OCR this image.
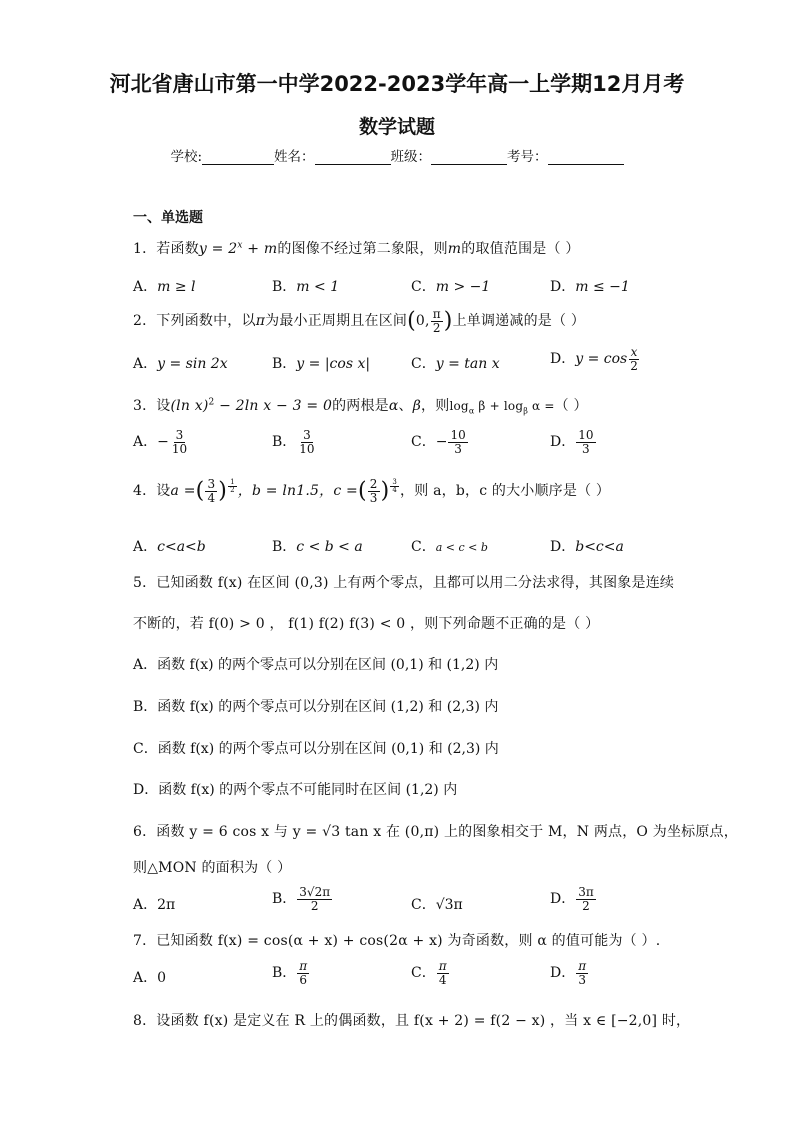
河北省唐山市第一中学2022-2023学年高一上学期12月月考
数学试题
学校:	姓名：	班级：	考号：
一、单选题
1．若函数$y = 2^x + m$的图像不经过第二象限，则m的取值范围是（ ）
A．m ≥ l	B．m < 1	C．m > −1	D．m ≤ −1
2．下列函数中，以π为最小正周期且在区间(0, $\frac{\pi}{2}$ )上单调递减的是（ ）
A．y = sin 2x	B．y = |cos x|	C．y = tan x	D．$y = \cos \frac{x}{2}$
3．设(ln x)$^2$ − 2ln x − 3 = 0的两根是α、β，则$\log_\alpha \beta + \log_\beta \alpha$ =（ ）
A．− $\frac{3}{10}$	B． $\frac{3}{10}$	C．− $\frac{10}{3}$	D． $\frac{10}{3}$
4．设a =( $\frac{3}{4}$ ) $^{\frac{1}{2}}$ ，b = ln1.5，c =( $\frac{2}{3}$ ) $^{\frac{3}{4}}$ ，则 a，b，c 的大小顺序是（ ）
A．c<a<b	B．c < b < a	C．a < c < b	D．b<c<a
5．已知函数 f(x) 在区间 (0,3) 上有两个零点，且都可以用二分法求得，其图象是连续
不断的，若 f(0) > 0 ， f(1) f(2) f(3) < 0 ，则下列命题不正确的是（ ）
A．函数 f(x) 的两个零点可以分别在区间 (0,1) 和 (1,2) 内
B．函数 f(x) 的两个零点可以分别在区间 (1,2) 和 (2,3) 内
C．函数 f(x) 的两个零点可以分别在区间 (0,1) 和 (2,3) 内
D．函数 f(x) 的两个零点不可能同时在区间 (1,2) 内
6．函数 y = 6 cos x 与 y = √3 tan x 在 (0,π) 上的图象相交于 M，N 两点，O 为坐标原点，
则△MON 的面积为（ ）
A．2π	B． $\frac{3√2\pi}{2}$	C．√3π	D． $\frac{3\pi}{2}$
7．已知函数 f(x) = cos(α + x) + cos(2α + x) 为奇函数，则 α 的值可能为（ ）.
A．0	B． $\frac{\pi}{6}$	C． $\frac{\pi}{4}$	D． $\frac{\pi}{3}$
8．设函数 f(x) 是定义在 R 上的偶函数，且 f(x + 2) = f(2 − x) ，当 x ∈ [−2,0] 时，
